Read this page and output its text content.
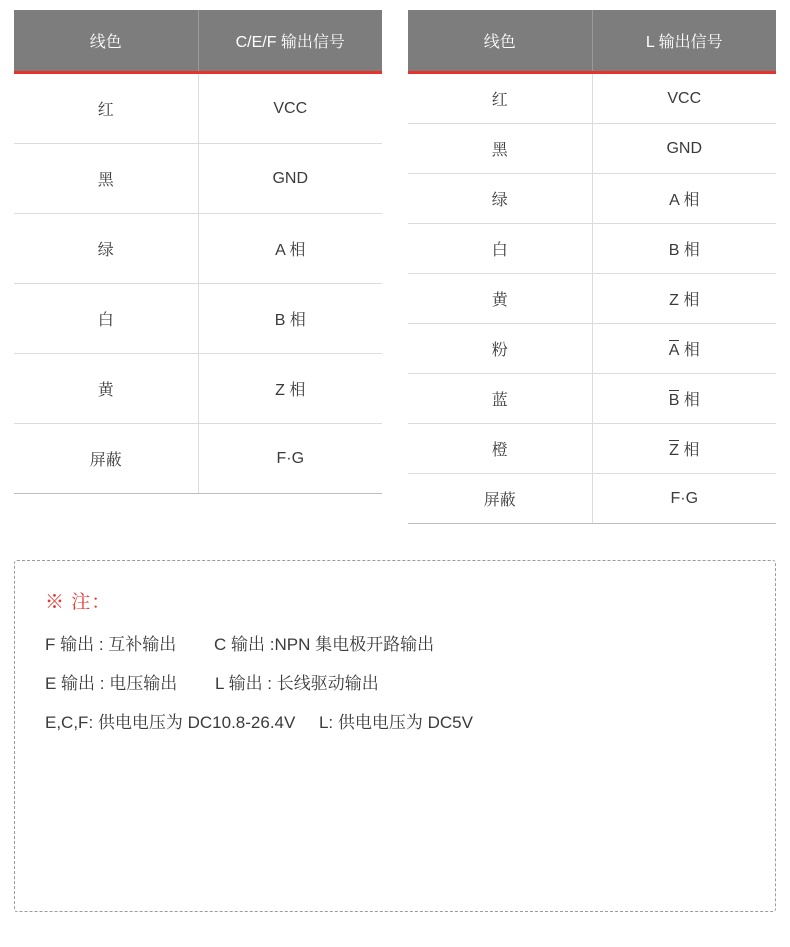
线色	C/E/F 输出信号
红	VCC
黑	GND
绿	A 相
白	B 相
黄	Z 相
屏蔽	F·G
线色	L 输出信号
红	VCC
黑	GND
绿	A 相
白	B 相
黄	Z 相
粉	A 相
蓝	B 相
橙	Z 相
屏蔽	F·G
※ 注：
F 输出 : 互补输出        C 输出 :NPN 集电极开路输出
E 输出 : 电压输出        L 输出 : 长线驱动输出
E,C,F: 供电电压为 DC10.8-26.4V     L: 供电电压为 DC5V
